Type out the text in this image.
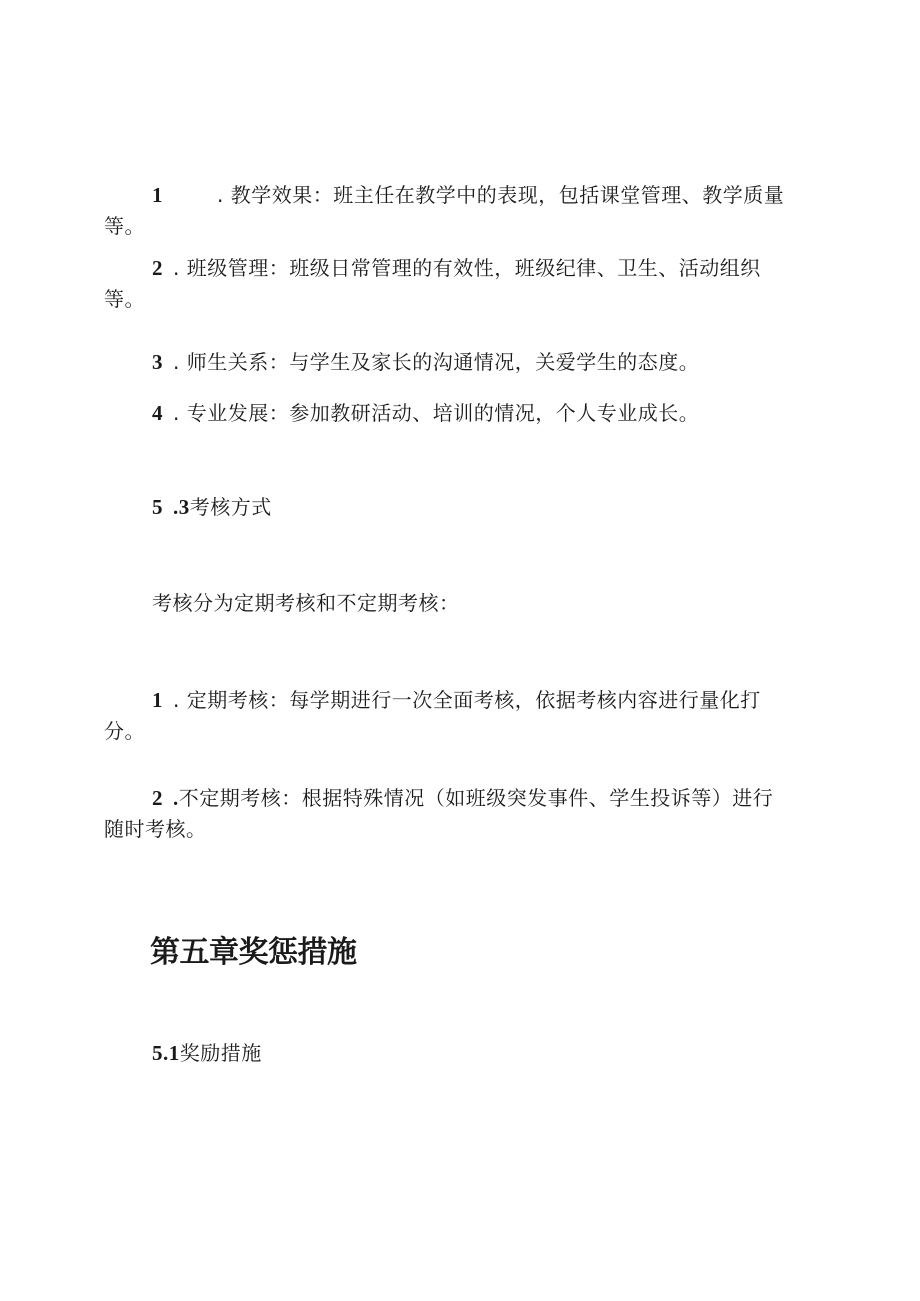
1	. 教学效果：班主任在教学中的表现，包括课堂管理、教学质量
等。
2 . 班级管理：班级日常管理的有效性，班级纪律、卫生、活动组织
等。
3 . 师生关系：与学生及家长的沟通情况，关爱学生的态度。
4 . 专业发展：参加教研活动、培训的情况，个人专业成长。
5 .3考核方式
考核分为定期考核和不定期考核：
1 . 定期考核：每学期进行一次全面考核，依据考核内容进行量化打
分。
2 .不定期考核：根据特殊情况（如班级突发事件、学生投诉等）进行
随时考核。
第五章奖惩措施
5.1奖励措施
